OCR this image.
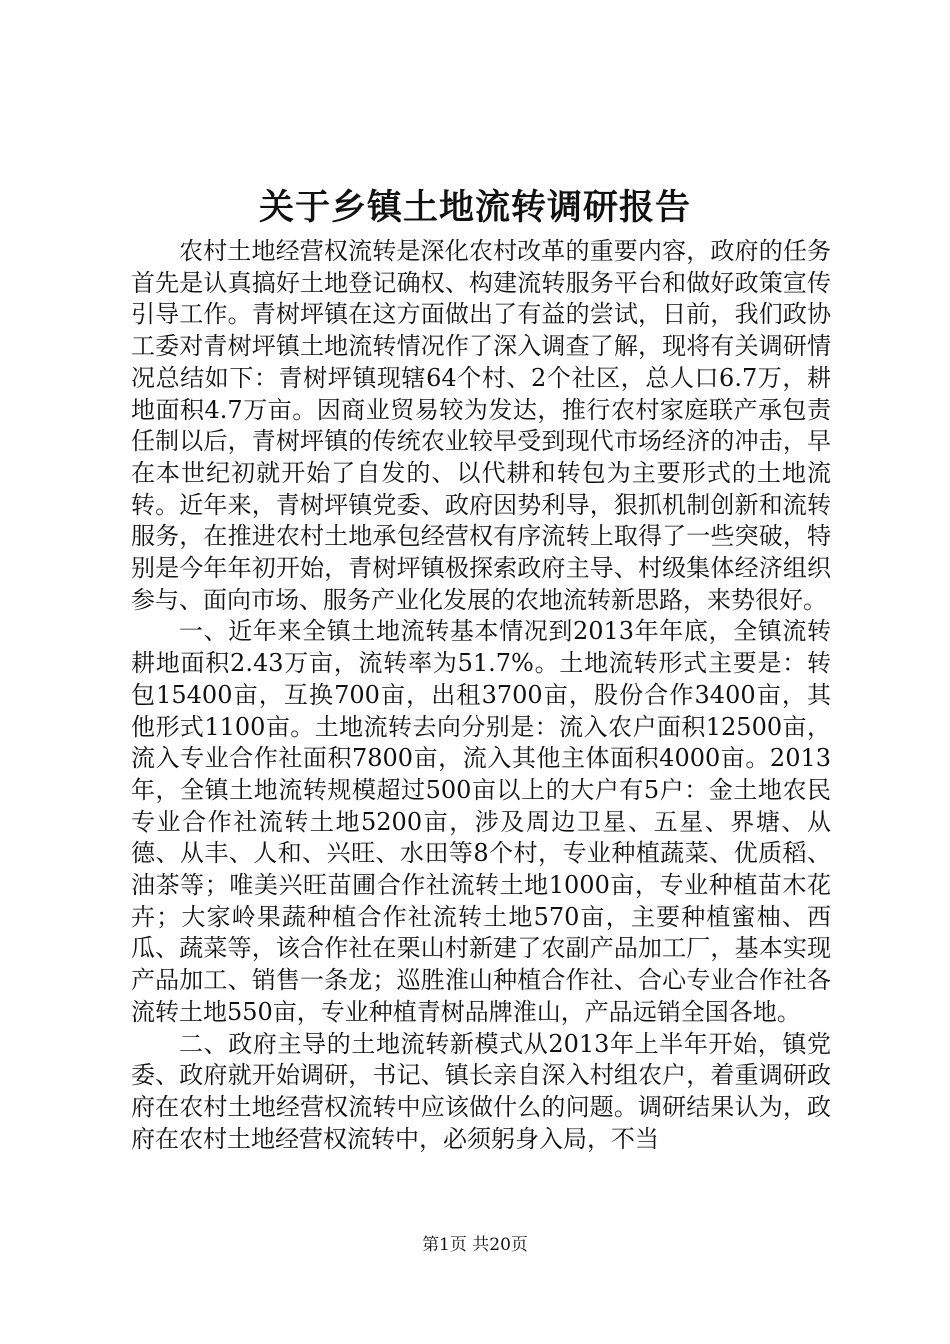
关于乡镇土地流转调研报告

农村土地经营权流转是深化农村改革的重要内容，政府的任务首先是认真搞好土地登记确权、构建流转服务平台和做好政策宣传引导工作。青树坪镇在这方面做出了有益的尝试，日前，我们政协工委对青树坪镇土地流转情况作了深入调查了解，现将有关调研情况总结如下：青树坪镇现辖64个村、2个社区，总人口6.7万，耕地面积4.7万亩。因商业贸易较为发达，推行农村家庭联产承包责任制以后，青树坪镇的传统农业较早受到现代市场经济的冲击，早在本世纪初就开始了自发的、以代耕和转包为主要形式的土地流转。近年来，青树坪镇党委、政府因势利导，狠抓机制创新和流转服务，在推进农村土地承包经营权有序流转上取得了一些突破，特别是今年年初开始，青树坪镇极探索政府主导、村级集体经济组织参与、面向市场、服务产业化发展的农地流转新思路，来势很好。

一、近年来全镇土地流转基本情况到2013年年底，全镇流转耕地面积2.43万亩，流转率为51.7%。土地流转形式主要是：转包15400亩，互换700亩，出租3700亩，股份合作3400亩，其他形式1100亩。土地流转去向分别是：流入农户面积12500亩，流入专业合作社面积7800亩，流入其他主体面积4000亩。2013年，全镇土地流转规模超过500亩以上的大户有5户：金土地农民专业合作社流转土地5200亩，涉及周边卫星、五星、界塘、从德、从丰、人和、兴旺、水田等8个村，专业种植蔬菜、优质稻、油茶等；唯美兴旺苗圃合作社流转土地1000亩，专业种植苗木花卉；大家岭果蔬种植合作社流转土地570亩，主要种植蜜柚、西瓜、蔬菜等，该合作社在栗山村新建了农副产品加工厂，基本实现产品加工、销售一条龙；巡胜淮山种植合作社、合心专业合作社各流转土地550亩，专业种植青树品牌淮山，产品远销全国各地。

二、政府主导的土地流转新模式从2013年上半年开始，镇党委、政府就开始调研，书记、镇长亲自深入村组农户，着重调研政府在农村土地经营权流转中应该做什么的问题。调研结果认为，政府在农村土地经营权流转中，必须躬身入局，不当

第1页 共20页
